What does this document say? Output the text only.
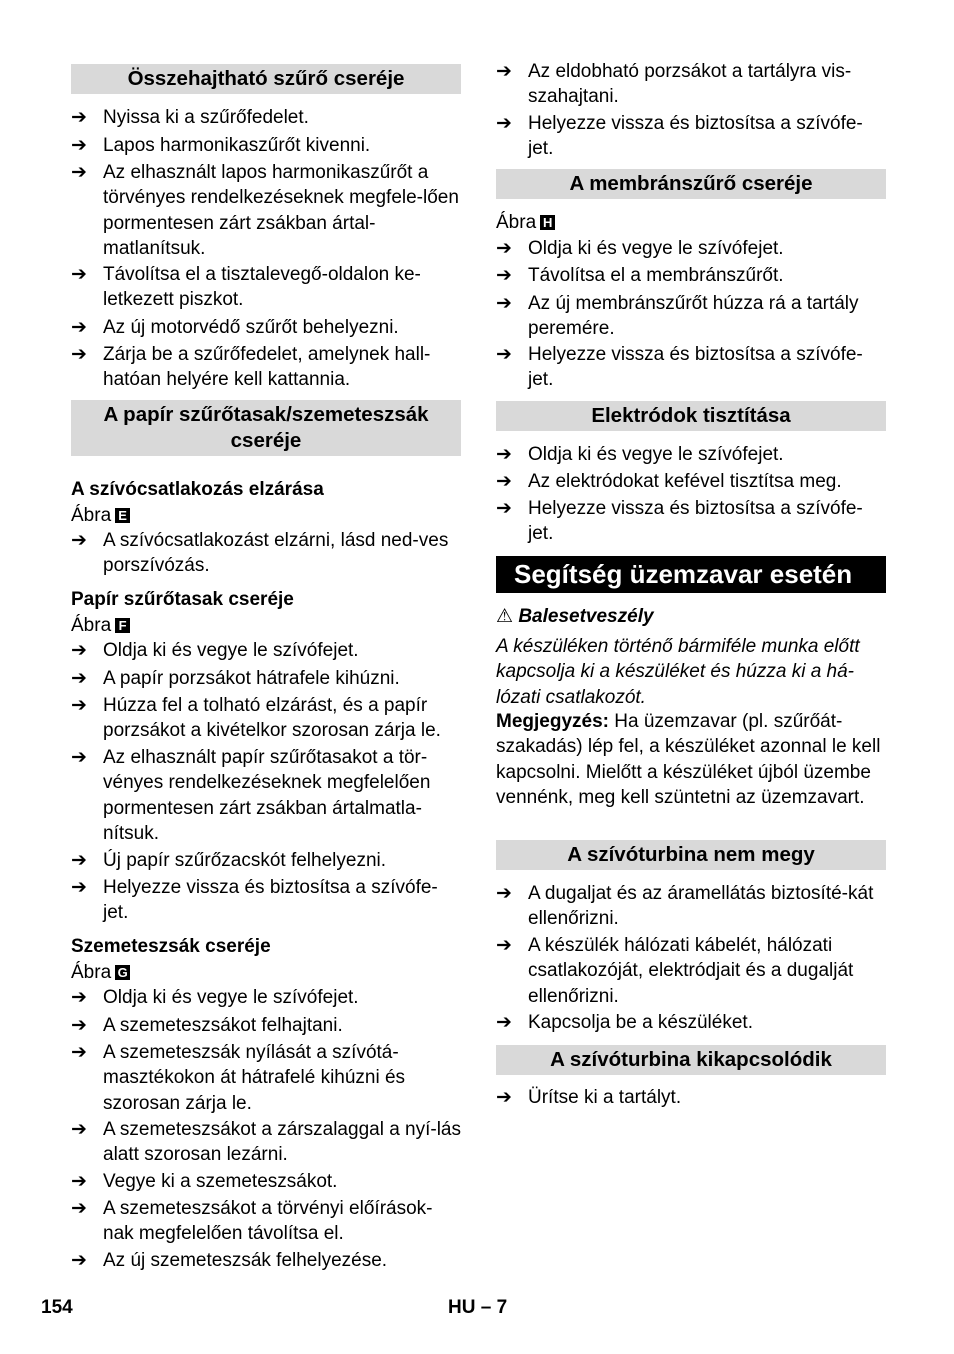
Összehajtható szűrő cseréje
➔ Nyissa ki a szűrőfedelet.
➔ Lapos harmonikaszűrőt kivenni.
➔ Az elhasznált lapos harmonikaszűrőt a törvényes rendelkezéseknek megfele-lően pormentesen zárt zsákban ártal-matlanítsuk.
➔ Távolítsa el a tisztalevegő-oldalon ke-letkezett piszkot.
➔ Az új motorvédő szűrőt behelyezni.
➔ Zárja be a szűrőfedelet, amelynek hall-hatóan helyére kell kattannia.
A papír szűrőtasak/szemeteszsák cseréje
A szívócsatlakozás elzárása
Ábra E
➔ A szívócsatlakozást elzárni, lásd ned-ves porszívózás.
Papír szűrőtasak cseréje
Ábra F
➔ Oldja ki és vegye le szívófejet.
➔ A papír porzsákot hátrafele kihúzni.
➔ Húzza fel a tolható elzárást, és a papír porzsákot a kivételkor szorosan zárja le.
➔ Az elhasznált papír szűrőtasakot a tör-vényes rendelkezéseknek megfelelően pormentesen zárt zsákban ártalmatla-nítsuk.
➔ Új papír szűrőzacskót felhelyezni.
➔ Helyezze vissza és biztosítsa a szívófe-jet.
Szemeteszsák cseréje
Ábra G
➔ Oldja ki és vegye le szívófejet.
➔ A szemeteszsákot felhajtani.
➔ A szemeteszsák nyílását a szívótá-masztékokon át hátrafelé kihúzni és szorosan zárja le.
➔ A szemeteszsákot a zárszalaggal a nyí-lás alatt szorosan lezárni.
➔ Vegye ki a szemeteszsákot.
➔ A szemeteszsákot a törvényi előírások-nak megfelelően távolítsa el.
➔ Az új szemeteszsák felhelyezése.
➔ Az eldobható porzsákot a tartályra vis-szahajtani.
➔ Helyezze vissza és biztosítsa a szívófe-jet.
A membránszűrő cseréje
Ábra H
➔ Oldja ki és vegye le szívófejet.
➔ Távolítsa el a membránszűrőt.
➔ Az új membránszűrőt húzza rá a tartály peremére.
➔ Helyezze vissza és biztosítsa a szívófe-jet.
Elektródok tisztítása
➔ Oldja ki és vegye le szívófejet.
➔ Az elektródokat kefével tisztítsa meg.
➔ Helyezze vissza és biztosítsa a szívófe-jet.
Segítség üzemzavar esetén
⚠ Balesetveszély
A készüléken történő bármiféle munka előtt kapcsolja ki a készüléket és húzza ki a há-lózati csatlakozót.
Megjegyzés: Ha üzemzavar (pl. szűrőát-szakadás) lép fel, a készüléket azonnal le kell kapcsolni. Mielőtt a készüléket újból üzembe vennénk, meg kell szüntetni az üzemzavart.
A szívóturbina nem megy
➔ A dugaljat és az áramellátás biztosíté-kát ellenőrizni.
➔ A készülék hálózati kábelét, hálózati csatlakozóját, elektródjait és a dugalját ellenőrizni.
➔ Kapcsolja be a készüléket.
A szívóturbina kikapcsolódik
➔ Ürítse ki a tartályt.
154	HU – 7
